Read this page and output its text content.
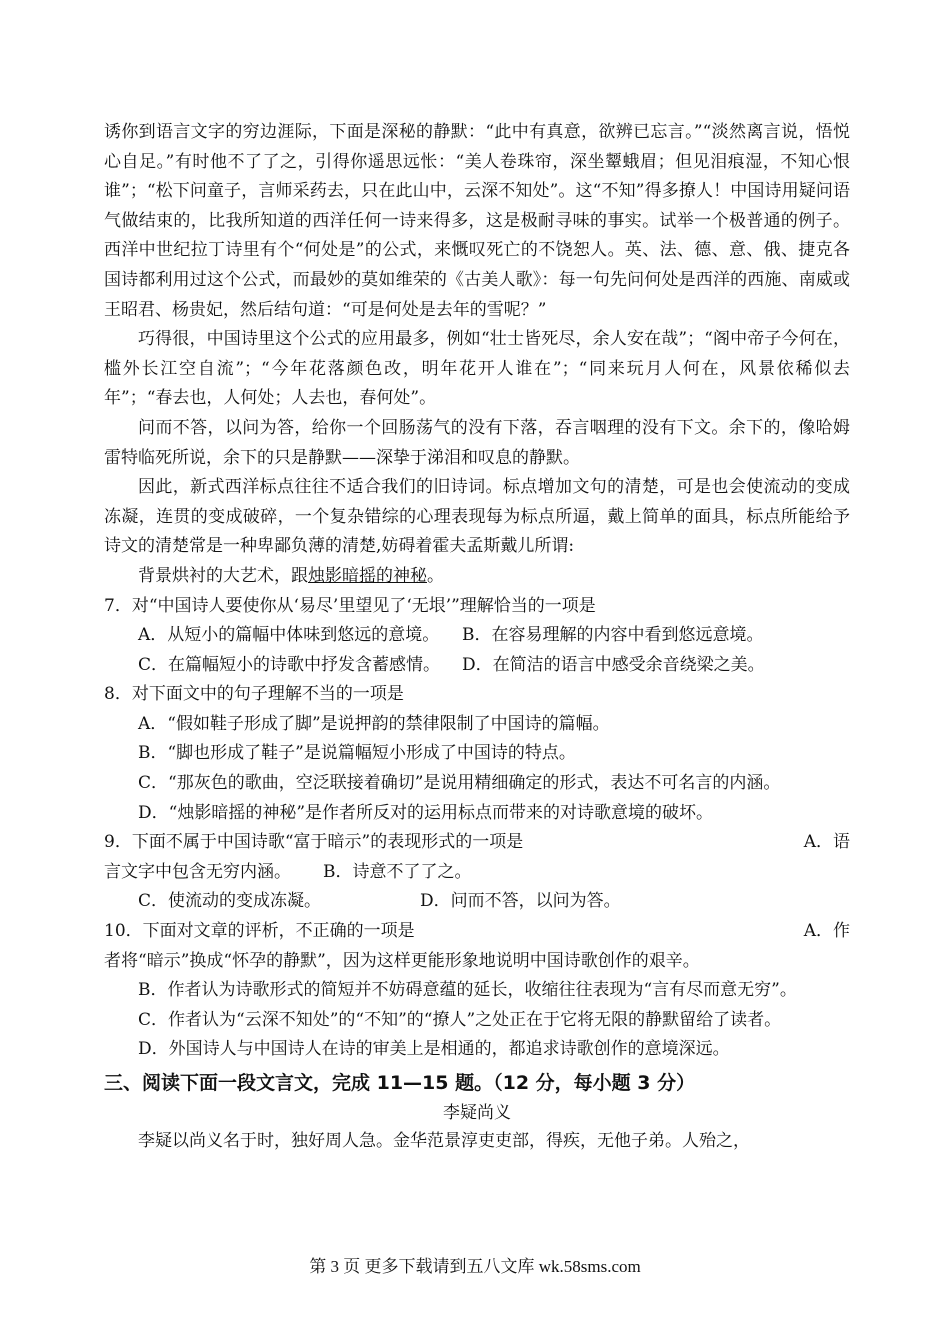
诱你到语言文字的穷边涯际，下面是深秘的静默：“此中有真意，欲辨已忘言。”“淡然离言说，悟悦心自足。”有时他不了了之，引得你遥思远怅：“美人卷珠帘，深坐颦蛾眉；但见泪痕湿，不知心恨谁”；“松下问童子，言师采药去，只在此山中，云深不知处”。这“不知”得多撩人！中国诗用疑问语气做结束的，比我所知道的西洋任何一诗来得多，这是极耐寻味的事实。试举一个极普通的例子。西洋中世纪拉丁诗里有个“何处是”的公式，来慨叹死亡的不饶恕人。英、法、德、意、俄、捷克各国诗都利用过这个公式，而最妙的莫如维荣的《古美人歌》：每一句先问何处是西洋的西施、南威或王昭君、杨贵妃，然后结句道：“可是何处是去年的雪呢？”

巧得很，中国诗里这个公式的应用最多，例如“壮士皆死尽，余人安在哉”；“阁中帝子今何在，槛外长江空自流”；“今年花落颜色改，明年花开人谁在”；“同来玩月人何在，风景依稀似去年”；“春去也，人何处；人去也，春何处”。

问而不答，以问为答，给你一个回肠荡气的没有下落，吞言咽理的没有下文。余下的，像哈姆雷特临死所说，余下的只是静默——深挚于涕泪和叹息的静默。

因此，新式西洋标点往往不适合我们的旧诗词。标点增加文句的清楚，可是也会使流动的变成冻凝，连贯的变成破碎，一个复杂错综的心理表现每为标点所逼，戴上简单的面具，标点所能给予诗文的清楚常是一种卑鄙负薄的清楚,妨碍着霍夫孟斯戴儿所谓:

背景烘衬的大艺术，跟烛影暗摇的神秘。

7．对“中国诗人要使你从‘易尽’里望见了‘无垠’”理解恰当的一项是

A．从短小的篇幅中体味到悠远的意境。	B．在容易理解的内容中看到悠远意境。

C．在篇幅短小的诗歌中抒发含蓄感情。	D．在简洁的语言中感受余音绕梁之美。

8．对下面文中的句子理解不当的一项是

A．“假如鞋子形成了脚”是说押韵的禁律限制了中国诗的篇幅。

B．“脚也形成了鞋子”是说篇幅短小形成了中国诗的特点。

C．“那灰色的歌曲，空泛联接着确切”是说用精细确定的形式，表达不可名言的内涵。

D．“烛影暗摇的神秘”是作者所反对的运用标点而带来的对诗歌意境的破坏。

9．下面不属于中国诗歌“富于暗示”的表现形式的一项是	A．语

言文字中包含无穷内涵。 B．诗意不了了之。

C．使流动的变成冻凝。	D．问而不答，以问为答。

10．下面对文章的评析，不正确的一项是	A．作

者将“暗示”换成“怀孕的静默”，因为这样更能形象地说明中国诗歌创作的艰辛。

B．作者认为诗歌形式的简短并不妨碍意蕴的延长，收缩往往表现为“言有尽而意无穷”。

C．作者认为“云深不知处”的“不知”的“撩人”之处正在于它将无限的静默留给了读者。

D．外国诗人与中国诗人在诗的审美上是相通的，都追求诗歌创作的意境深远。

三、阅读下面一段文言文，完成 11—15 题。（12 分，每小题 3 分）
李疑尚义

李疑以尚义名于时，独好周人急。金华范景淳吏吏部，得疾，无他子弟。人殆之，

第 3 页 更多下载请到五八文库 wk.58sms.com
